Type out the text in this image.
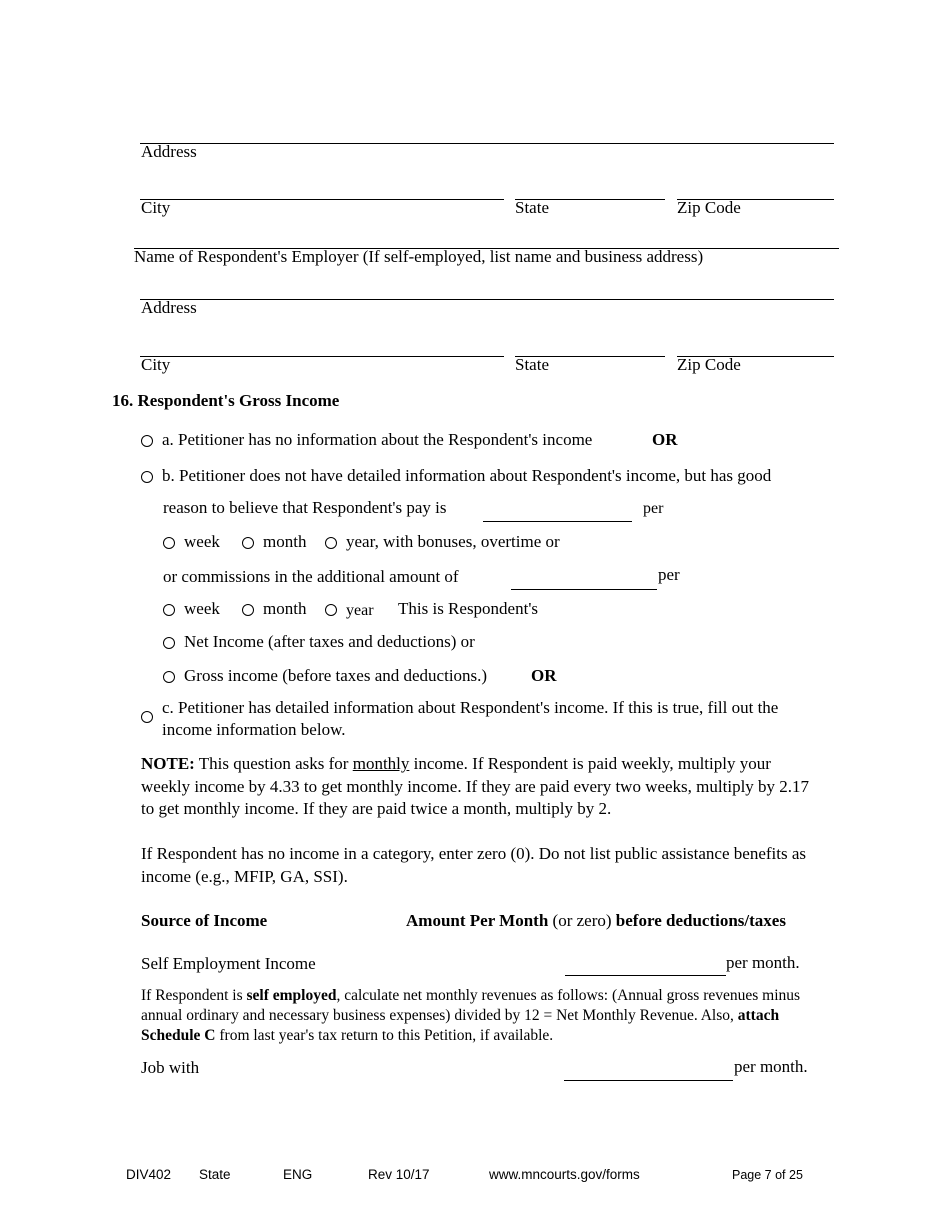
Address
City	State	Zip Code
Name of Respondent's Employer (If self-employed, list name and business address)
Address
City	State	Zip Code
16. Respondent's Gross Income
a. Petitioner has no information about the Respondent's income	OR
b. Petitioner does not have detailed information about Respondent's income, but has good
reason to believe that Respondent's pay is	per
week	month year, with bonuses, overtime or
or commissions in the additional amount of	per
week	month year This is Respondent's
Net Income (after taxes and deductions) or
Gross income (before taxes and deductions.)	OR
c. Petitioner has detailed information about Respondent's income. If this is true, fill out the
income information below.
NOTE: This question asks for monthly income. If Respondent is paid weekly, multiply your weekly income by 4.33 to get monthly income. If they are paid every two weeks, multiply by 2.17 to get monthly income. If they are paid twice a month, multiply by 2.
If Respondent has no income in a category, enter zero (0). Do not list public assistance benefits as income (e.g., MFIP, GA, SSI).
Source of Income	Amount Per Month (or zero) before deductions/taxes
Self Employment Income	per month.
If Respondent is self employed, calculate net monthly revenues as follows: (Annual gross revenues minus annual ordinary and necessary business expenses) divided by 12 = Net Monthly Revenue. Also, attach Schedule C from last year's tax return to this Petition, if available.
Job with	per month.
DIV402 State	ENG	Rev 10/17	www.mncourts.gov/forms	Page 7 of 25
